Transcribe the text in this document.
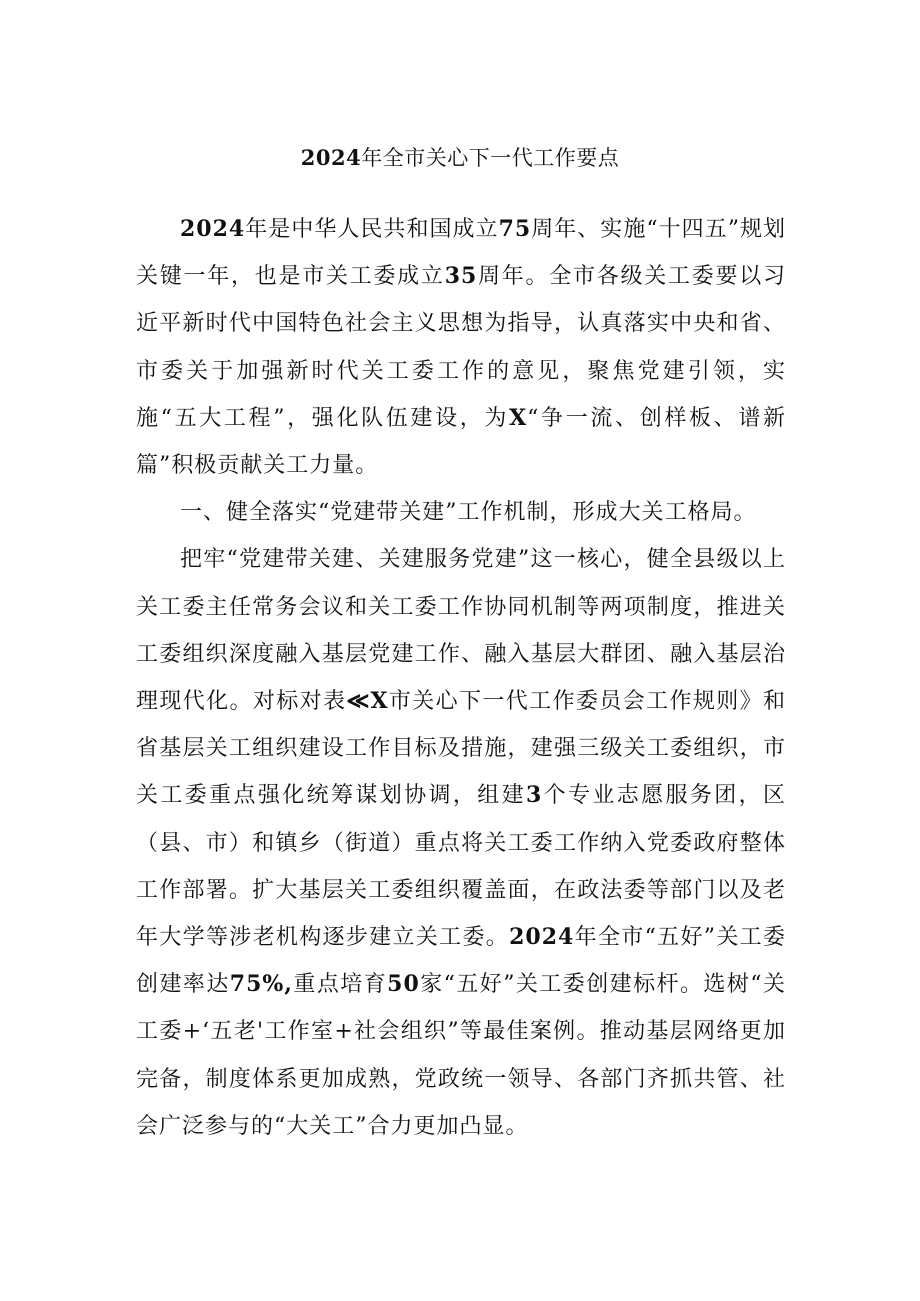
2024年全市关心下一代工作要点

2024年是中华人民共和国成立75周年、实施“十四五”规划关键一年，也是市关工委成立35周年。全市各级关工委要以习近平新时代中国特色社会主义思想为指导，认真落实中央和省、市委关于加强新时代关工委工作的意见，聚焦党建引领，实施“五大工程”，强化队伍建设，为X“争一流、创样板、谱新篇”积极贡献关工力量。

一、健全落实“党建带关建”工作机制，形成大关工格局。

把牢“党建带关建、关建服务党建”这一核心，健全县级以上关工委主任常务会议和关工委工作协同机制等两项制度，推进关工委组织深度融入基层党建工作、融入基层大群团、融入基层治理现代化。对标对表≪X市关心下一代工作委员会工作规则》和省基层关工组织建设工作目标及措施，建强三级关工委组织，市关工委重点强化统筹谋划协调，组建3个专业志愿服务团，区（县、市）和镇乡（街道）重点将关工委工作纳入党委政府整体工作部署。扩大基层关工委组织覆盖面，在政法委等部门以及老年大学等涉老机构逐步建立关工委。2024年全市“五好”关工委创建率达75%,重点培育50家“五好”关工委创建标杆。选树“关工委+‘五老'工作室+社会组织”等最佳案例。推动基层网络更加完备，制度体系更加成熟，党政统一领导、各部门齐抓共管、社会广泛参与的“大关工”合力更加凸显。
